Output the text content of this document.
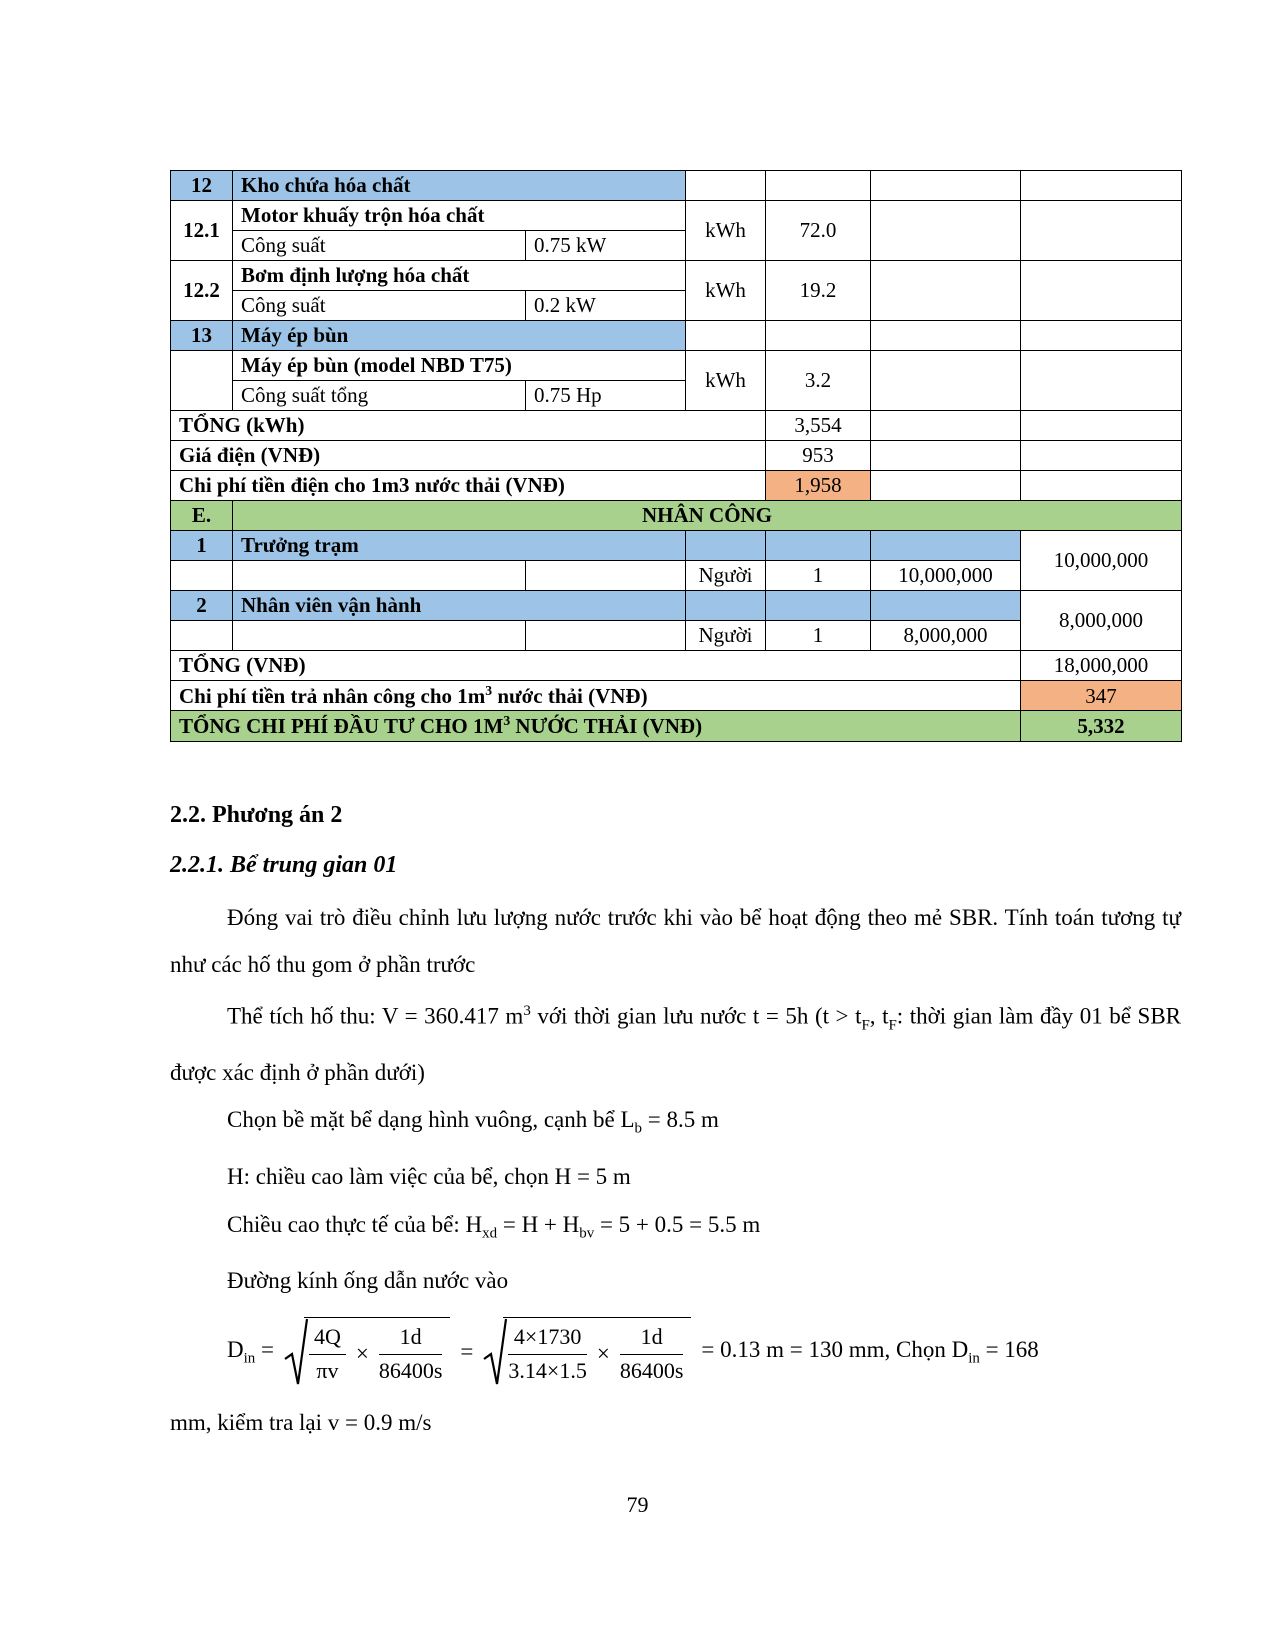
12	Kho chứa hóa chất					
12.1	Motor khuấy trộn hóa chất		kWh	72.0		
	Công suất	0.75 kW				
12.2	Bơm định lượng hóa chất		kWh	19.2		
	Công suất	0.2 kW				
13	Máy ép bùn					
	Máy ép bùn (model NBD T75)		kWh	3.2		
	Công suất tổng	0.75 Hp				
TỔNG (kWh)				3,554		
Giá điện (VNĐ)				953		
Chi phí tiền điện cho 1m3 nước thải (VNĐ)				1,958		
E.	NHÂN CÔNG					
1	Trưởng trạm					10,000,000
			Người	1	10,000,000	
2	Nhân viên vận hành					8,000,000
			Người	1	8,000,000	
TỔNG (VNĐ)						18,000,000
Chi phí tiền trả nhân công cho $1m^3$ nước thải (VNĐ)						347
TỔNG CHI PHÍ ĐẦU TƯ CHO $1M^3$ NƯỚC THẢI (VNĐ)						5,332
2.2. Phương án 2
2.2.1. Bể trung gian 01

Đóng vai trò điều chỉnh lưu lượng nước trước khi vào bể hoạt động theo mẻ SBR. Tính toán tương tự như các hố thu gom ở phần trước

Thể tích hố thu: V = 360.417 $m^3$ với thời gian lưu nước t = 5h ($t > t_F$, $t_F$: thời gian làm đầy 01 bể SBR được xác định ở phần dưới)

Chọn bề mặt bể dạng hình vuông, cạnh bể $L_b = 8.5$ m

H: chiều cao làm việc của bể, chọn H = 5 m

Chiều cao thực tế của bể: $H_{xd} = H + H_{bv} = 5 + 0.5 = 5.5$ m

Đường kính ống dẫn nước vào

$D_{in} = \frac{4Q}{\pi v} \times \frac{1d}{86400s} = \frac{4\times 1730}{3.14\times 1.5} \times \frac{1d}{86400s} = 0.13$ m = 130 mm, Chọn $D_{in} = 168$

mm, kiểm tra lại v = 0.9 m/s

79
